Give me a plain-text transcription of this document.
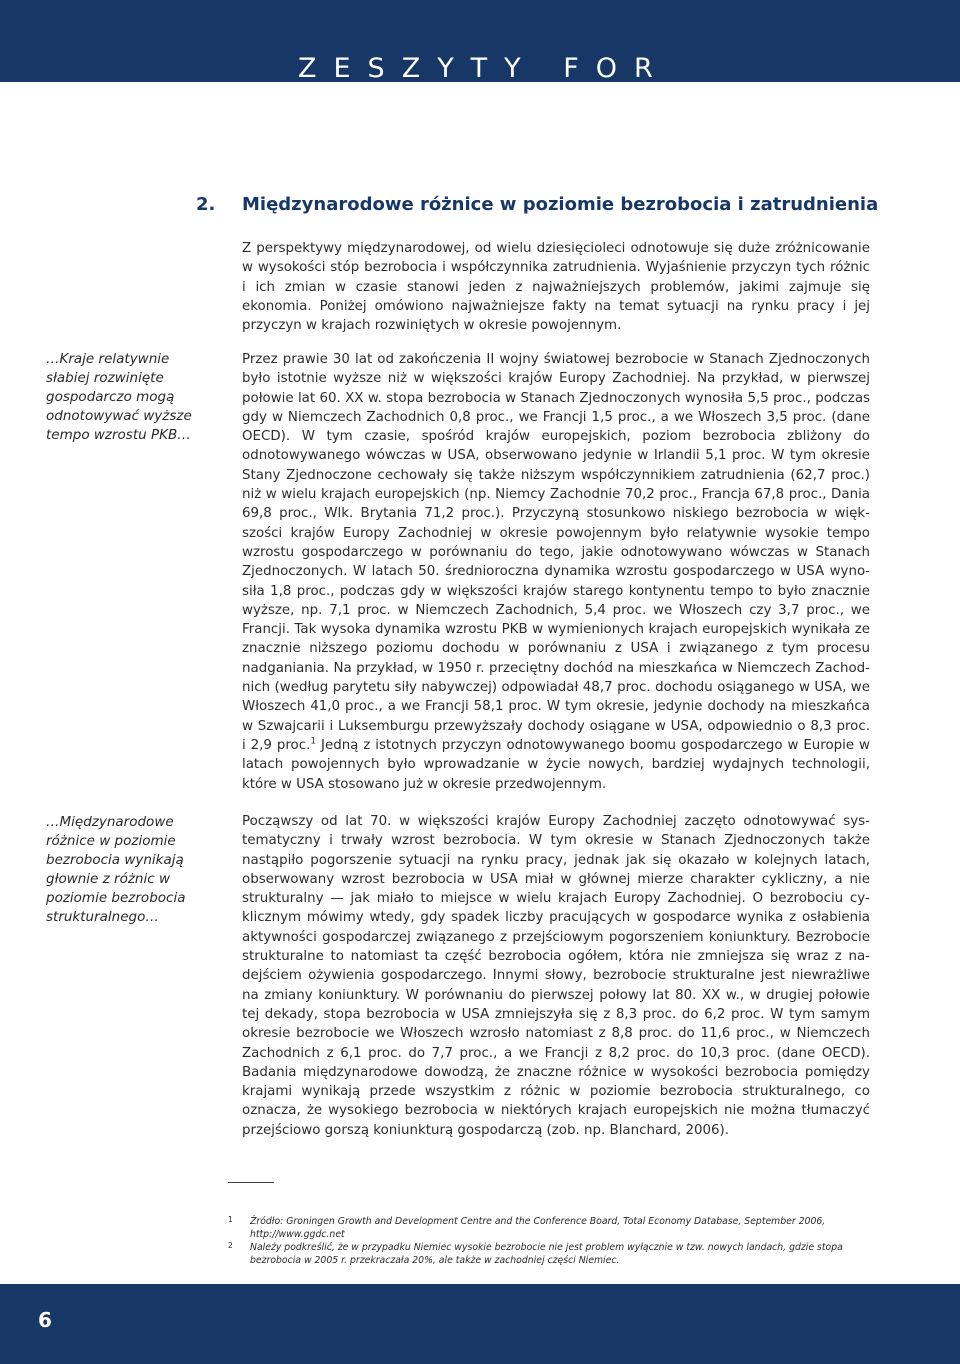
ZESZYTY FOR
2. Międzynarodowe różnice w poziomie bezrobocia i zatrudnienia

Z perspektywy międzynarodowej, od wielu dziesięcioleci odnotowuje się duże zróżnicowanie w wysokości stóp bezrobocia i współczynnika zatrudnienia. Wyjaśnienie przyczyn tych różnic i ich zmian w czasie stanowi jeden z najważniejszych problemów, jakimi zajmuje się ekonomia. Poniżej omówiono najważniejsze fakty na temat sytuacji na rynku pracy i jej przyczyn w krajach rozwiniętych w okresie powojennym.

Przez prawie 30 lat od zakończenia II wojny światowej bezrobocie w Stanach Zjednoczonych było istotnie wyższe niż w większości krajów Europy Zachodniej. Na przykład, w pierwszej połowie lat 60. XX w. stopa bezrobocia w Stanach Zjednoczonych wynosiła 5,5 proc., podczas gdy w Niemczech Zachodnich 0,8 proc., we Francji 1,5 proc., a we Włoszech 3,5 proc. (dane OECD). W tym czasie, spośród krajów europejskich, poziom bezrobocia zbliżony do odnotowywanego wówczas w USA, obserwowano jedynie w Irlandii 5,1 proc. W tym okresie Stany Zjednoczone cechowały się także niższym współczynnikiem zatrudnienia (62,7 proc.) niż w wielu krajach europejskich (np. Niemcy Zachodnie 70,2 proc., Francja 67,8 proc., Dania 69,8 proc., Wlk. Brytania 71,2 proc.). Przyczyną stosunkowo niskiego bezrobocia w większości krajów Europy Zachodniej w okresie powojennym było relatywnie wysokie tempo wzrostu gospodarczego w porównaniu do tego, jakie odnotowywano wówczas w Stanach Zjednoczonych. W latach 50. średnioroczna dynamika wzrostu gospodarczego w USA wynosiła 1,8 proc., podczas gdy w większości krajów starego kontynentu tempo to było znacznie wyższe, np. 7,1 proc. w Niemczech Zachodnich, 5,4 proc. we Włoszech czy 3,7 proc., we Francji. Tak wysoka dynamika wzrostu PKB w wymienionych krajach europejskich wynikała ze znacznie niższego poziomu dochodu w porównaniu z USA i związanego z tym procesu nadganiania. Na przykład, w 1950 r. przeciętny dochód na mieszkańca w Niemczech Zachodnich (według parytetu siły nabywczej) odpowiadał 48,7 proc. dochodu osiąganego w USA, we Włoszech 41,0 proc., a we Francji 58,1 proc. W tym okresie, jedynie dochody na mieszkańca w Szwajcarii i Luksemburgu przewyższały dochody osiągane w USA, odpowiednio o 8,3 proc. i 2,9 proc.$^1$ Jedną z istotnych przyczyn odnotowywanego boomu gospodarczego w Europie w latach powojennych było wprowadzanie w życie nowych, bardziej wydajnych technologii, które w USA stosowano już w okresie przedwojennym.

Począwszy od lat 70. w większości krajów Europy Zachodniej zaczęto odnotowywać systematyczny i trwały wzrost bezrobocia. W tym okresie w Stanach Zjednoczonych także nastąpiło pogorszenie sytuacji na rynku pracy, jednak jak się okazało w kolejnych latach, obserwowany wzrost bezrobocia w USA miał w głównej mierze charakter cykliczny, a nie strukturalny — jak miało to miejsce w wielu krajach Europy Zachodniej. O bezrobociu cyklicznym mówimy wtedy, gdy spadek liczby pracujących w gospodarce wynika z osłabienia aktywności gospodarczej związanego z przejściowym pogorszeniem koniunktury. Bezrobocie strukturalne to natomiast ta część bezrobocia ogółem, która nie zmniejsza się wraz z nadejściem ożywienia gospodarczego. Innymi słowy, bezrobocie strukturalne jest niewrażliwe na zmiany koniunktury. W porównaniu do pierwszej połowy lat 80. XX w., w drugiej połowie tej dekady, stopa bezrobocia w USA zmniejszyła się z 8,3 proc. do 6,2 proc. W tym samym okresie bezrobocie we Włoszech wzrosło natomiast z 8,8 proc. do 11,6 proc., w Niemczech Zachodnich z 6,1 proc. do 7,7 proc., a we Francji z 8,2 proc. do 10,3 proc. (dane OECD). Badania międzynarodowe dowodzą, że znaczne różnice w wysokości bezrobocia pomiędzy krajami wynikają przede wszystkim z różnic w poziomie bezrobocia strukturalnego, co oznacza, że wysokiego bezrobocia w niektórych krajach europejskich nie można tłumaczyć przejściowo gorszą koniunkturą gospodarczą (zob. np. Blanchard, 2006).

…Kraje relatywnie słabiej rozwinięte gospodarczo mogą odnotowywać wyższe tempo wzrostu PKB…

…Międzynarodowe różnice w poziomie bezrobocia wynikają głownie z różnic w poziomie bezrobocia strukturalnego…

1 Źródło: Groningen Growth and Development Centre and the Conference Board, Total Economy Database, September 2006, http://www.ggdc.net

2 Należy podkreślić, że w przypadku Niemiec wysokie bezrobocie nie jest problem wyłącznie w tzw. nowych landach, gdzie stopa bezrobocia w 2005 r. przekraczała 20%, ale także w zachodniej części Niemiec.

6
